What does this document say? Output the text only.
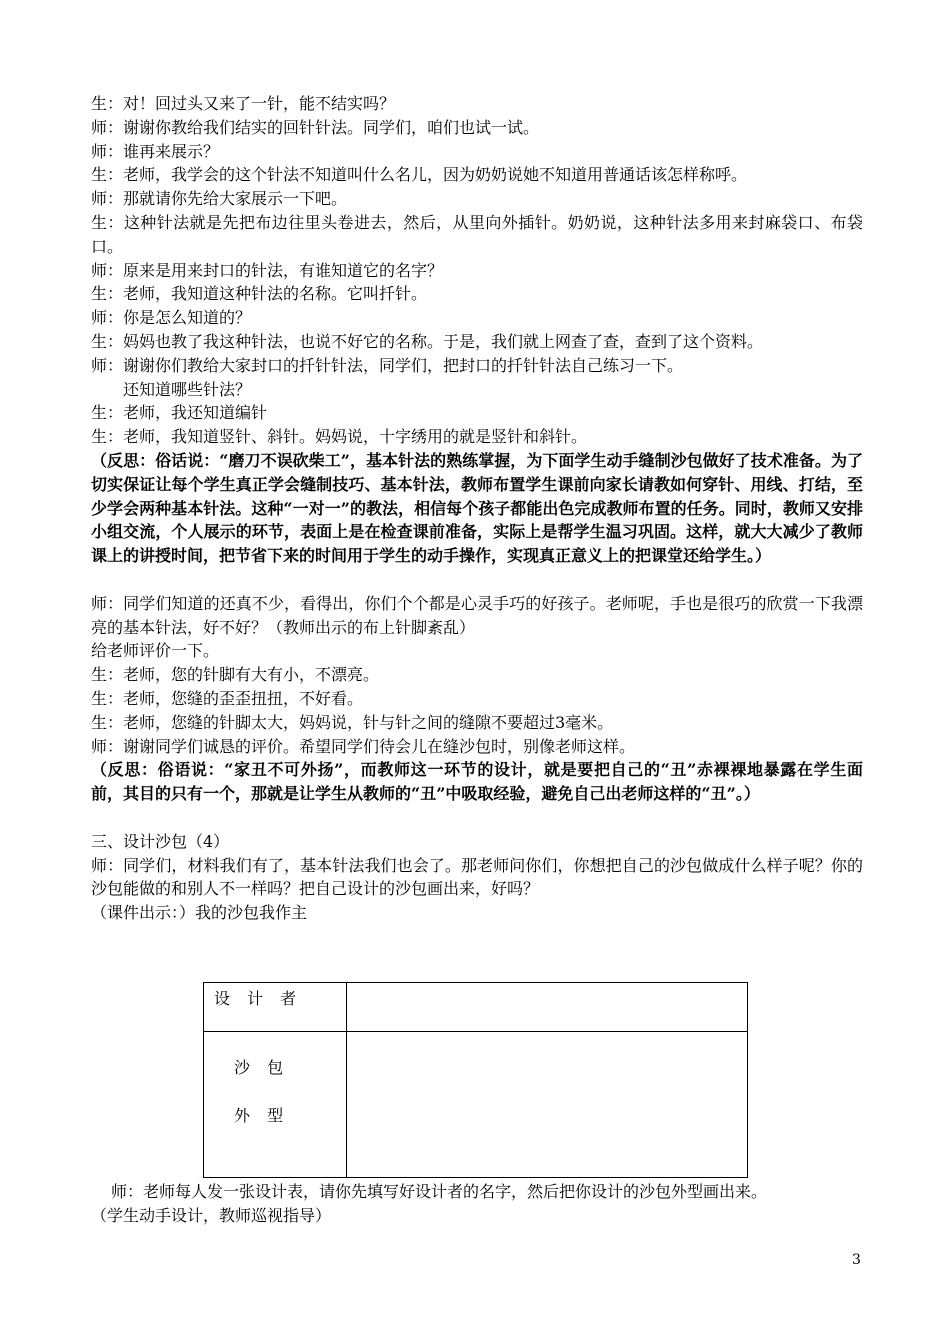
生：对！回过头又来了一针，能不结实吗？
师：谢谢你教给我们结实的回针针法。同学们，咱们也试一试。
师：谁再来展示？
生：老师，我学会的这个针法不知道叫什么名儿，因为奶奶说她不知道用普通话该怎样称呼。
师：那就请你先给大家展示一下吧。
生：这种针法就是先把布边往里头卷进去，然后，从里向外插针。奶奶说，这种针法多用来封麻袋口、布袋口。
师：原来是用来封口的针法，有谁知道它的名字？
生：老师，我知道这种针法的名称。它叫扦针。
师：你是怎么知道的？
生：妈妈也教了我这种针法，也说不好它的名称。于是，我们就上网查了查，查到了这个资料。
师：谢谢你们教给大家封口的扦针针法，同学们，把封口的扦针针法自己练习一下。
还知道哪些针法？
生：老师，我还知道编针
生：老师，我知道竖针、斜针。妈妈说，十字绣用的就是竖针和斜针。
（反思：俗话说：“磨刀不误砍柴工”，基本针法的熟练掌握，为下面学生动手缝制沙包做好了技术准备。为了切实保证让每个学生真正学会缝制技巧、基本针法，教师布置学生课前向家长请教如何穿针、用线、打结，至少学会两种基本针法。这种“一对一”的教法，相信每个孩子都能出色完成教师布置的任务。同时，教师又安排小组交流，个人展示的环节，表面上是在检查课前准备，实际上是帮学生温习巩固。这样，就大大减少了教师课上的讲授时间，把节省下来的时间用于学生的动手操作，实现真正意义上的把课堂还给学生。）
师：同学们知道的还真不少，看得出，你们个个都是心灵手巧的好孩子。老师呢，手也是很巧的欣赏一下我漂亮的基本针法，好不好？（教师出示的布上针脚紊乱）
给老师评价一下。
生：老师，您的针脚有大有小，不漂亮。
生：老师，您缝的歪歪扭扭，不好看。
生：老师，您缝的针脚太大，妈妈说，针与针之间的缝隙不要超过3毫米。
师：谢谢同学们诚恳的评价。希望同学们待会儿在缝沙包时，别像老师这样。
（反思：俗语说：“家丑不可外扬”，而教师这一环节的设计，就是要把自己的“丑”赤裸裸地暴露在学生面前，其目的只有一个，那就是让学生从教师的“丑”中吸取经验，避免自己出老师这样的“丑”。）
三、设计沙包（4）
师：同学们，材料我们有了，基本针法我们也会了。那老师问你们，你想把自己的沙包做成什么样子呢？你的沙包能做的和别人不一样吗？把自己设计的沙包画出来，好吗？
（课件出示：）我的沙包我作主
设 计 者
沙 包
外 型
师：老师每人发一张设计表，请你先填写好设计者的名字，然后把你设计的沙包外型画出来。
（学生动手设计，教师巡视指导）
3
